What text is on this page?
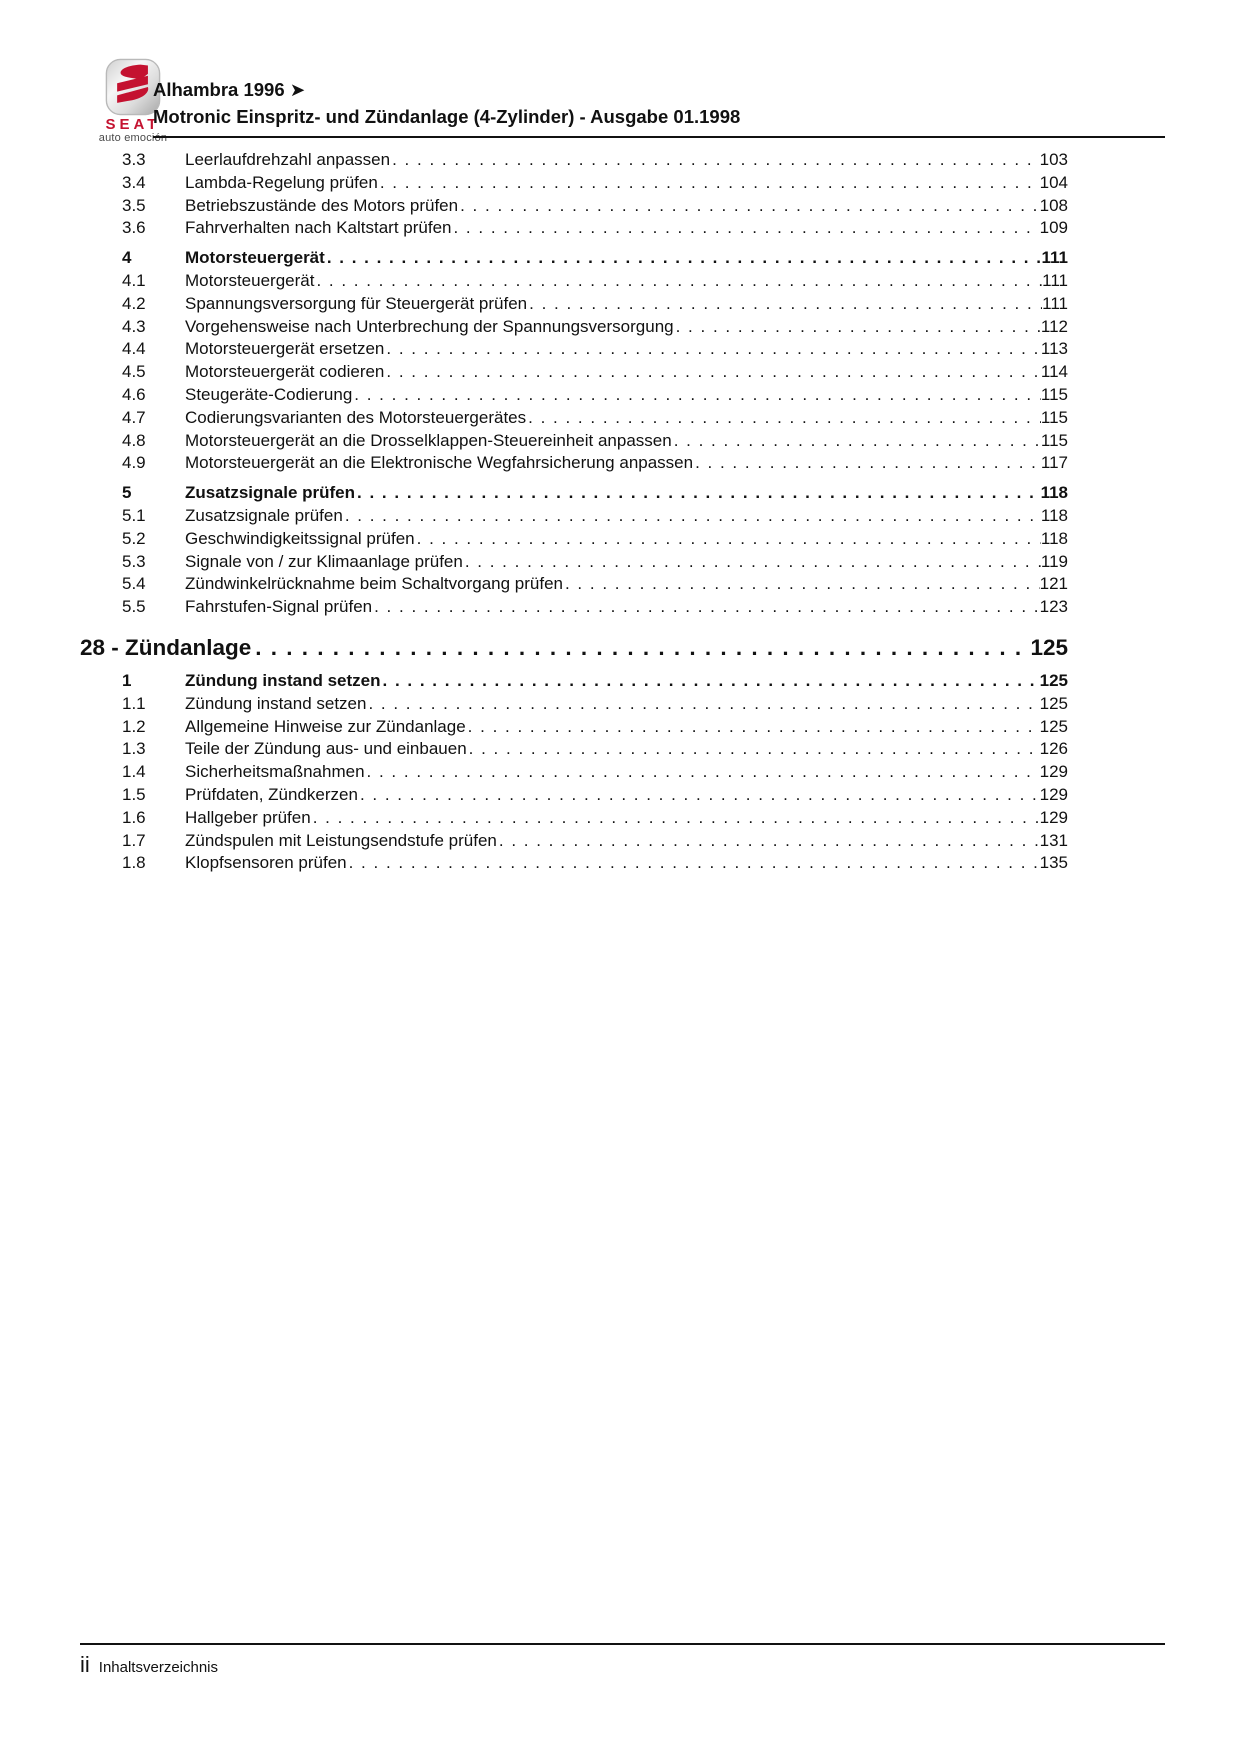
SEAT
auto emoción
Alhambra 1996 ➤
Motronic Einspritz- und Zündanlage (4-Zylinder) - Ausgabe 01.1998
3.3	Leerlaufdrehzahl anpassen . . .	103
3.4	Lambda-Regelung prüfen . . .	104
3.5	Betriebszustände des Motors prüfen . . .	108
3.6	Fahrverhalten nach Kaltstart prüfen . . .	109
4	Motorsteuergerät . . .	111
4.1	Motorsteuergerät . . .	111
4.2	Spannungsversorgung für Steuergerät prüfen . . .	111
4.3	Vorgehensweise nach Unterbrechung der Spannungsversorgung . . .	112
4.4	Motorsteuergerät ersetzen . . .	113
4.5	Motorsteuergerät codieren . . .	114
4.6	Steugeräte-Codierung . . .	115
4.7	Codierungsvarianten des Motorsteuergerätes . . .	115
4.8	Motorsteuergerät an die Drosselklappen-Steuereinheit anpassen . . .	115
4.9	Motorsteuergerät an die Elektronische Wegfahrsicherung anpassen . . .	117
5	Zusatzsignale prüfen . . .	118
5.1	Zusatzsignale prüfen . . .	118
5.2	Geschwindigkeitssignal prüfen . . .	118
5.3	Signale von / zur Klimaanlage prüfen . . .	119
5.4	Zündwinkelrücknahme beim Schaltvorgang prüfen . . .	121
5.5	Fahrstufen-Signal prüfen . . .	123
28 - Zündanlage . . .	125
1	Zündung instand setzen . . .	125
1.1	Zündung instand setzen . . .	125
1.2	Allgemeine Hinweise zur Zündanlage . . .	125
1.3	Teile der Zündung aus- und einbauen . . .	126
1.4	Sicherheitsmaßnahmen . . .	129
1.5	Prüfdaten, Zündkerzen . . .	129
1.6	Hallgeber prüfen . . .	129
1.7	Zündspulen mit Leistungsendstufe prüfen . . .	131
1.8	Klopfsensoren prüfen . . .	135
ii Inhaltsverzeichnis
